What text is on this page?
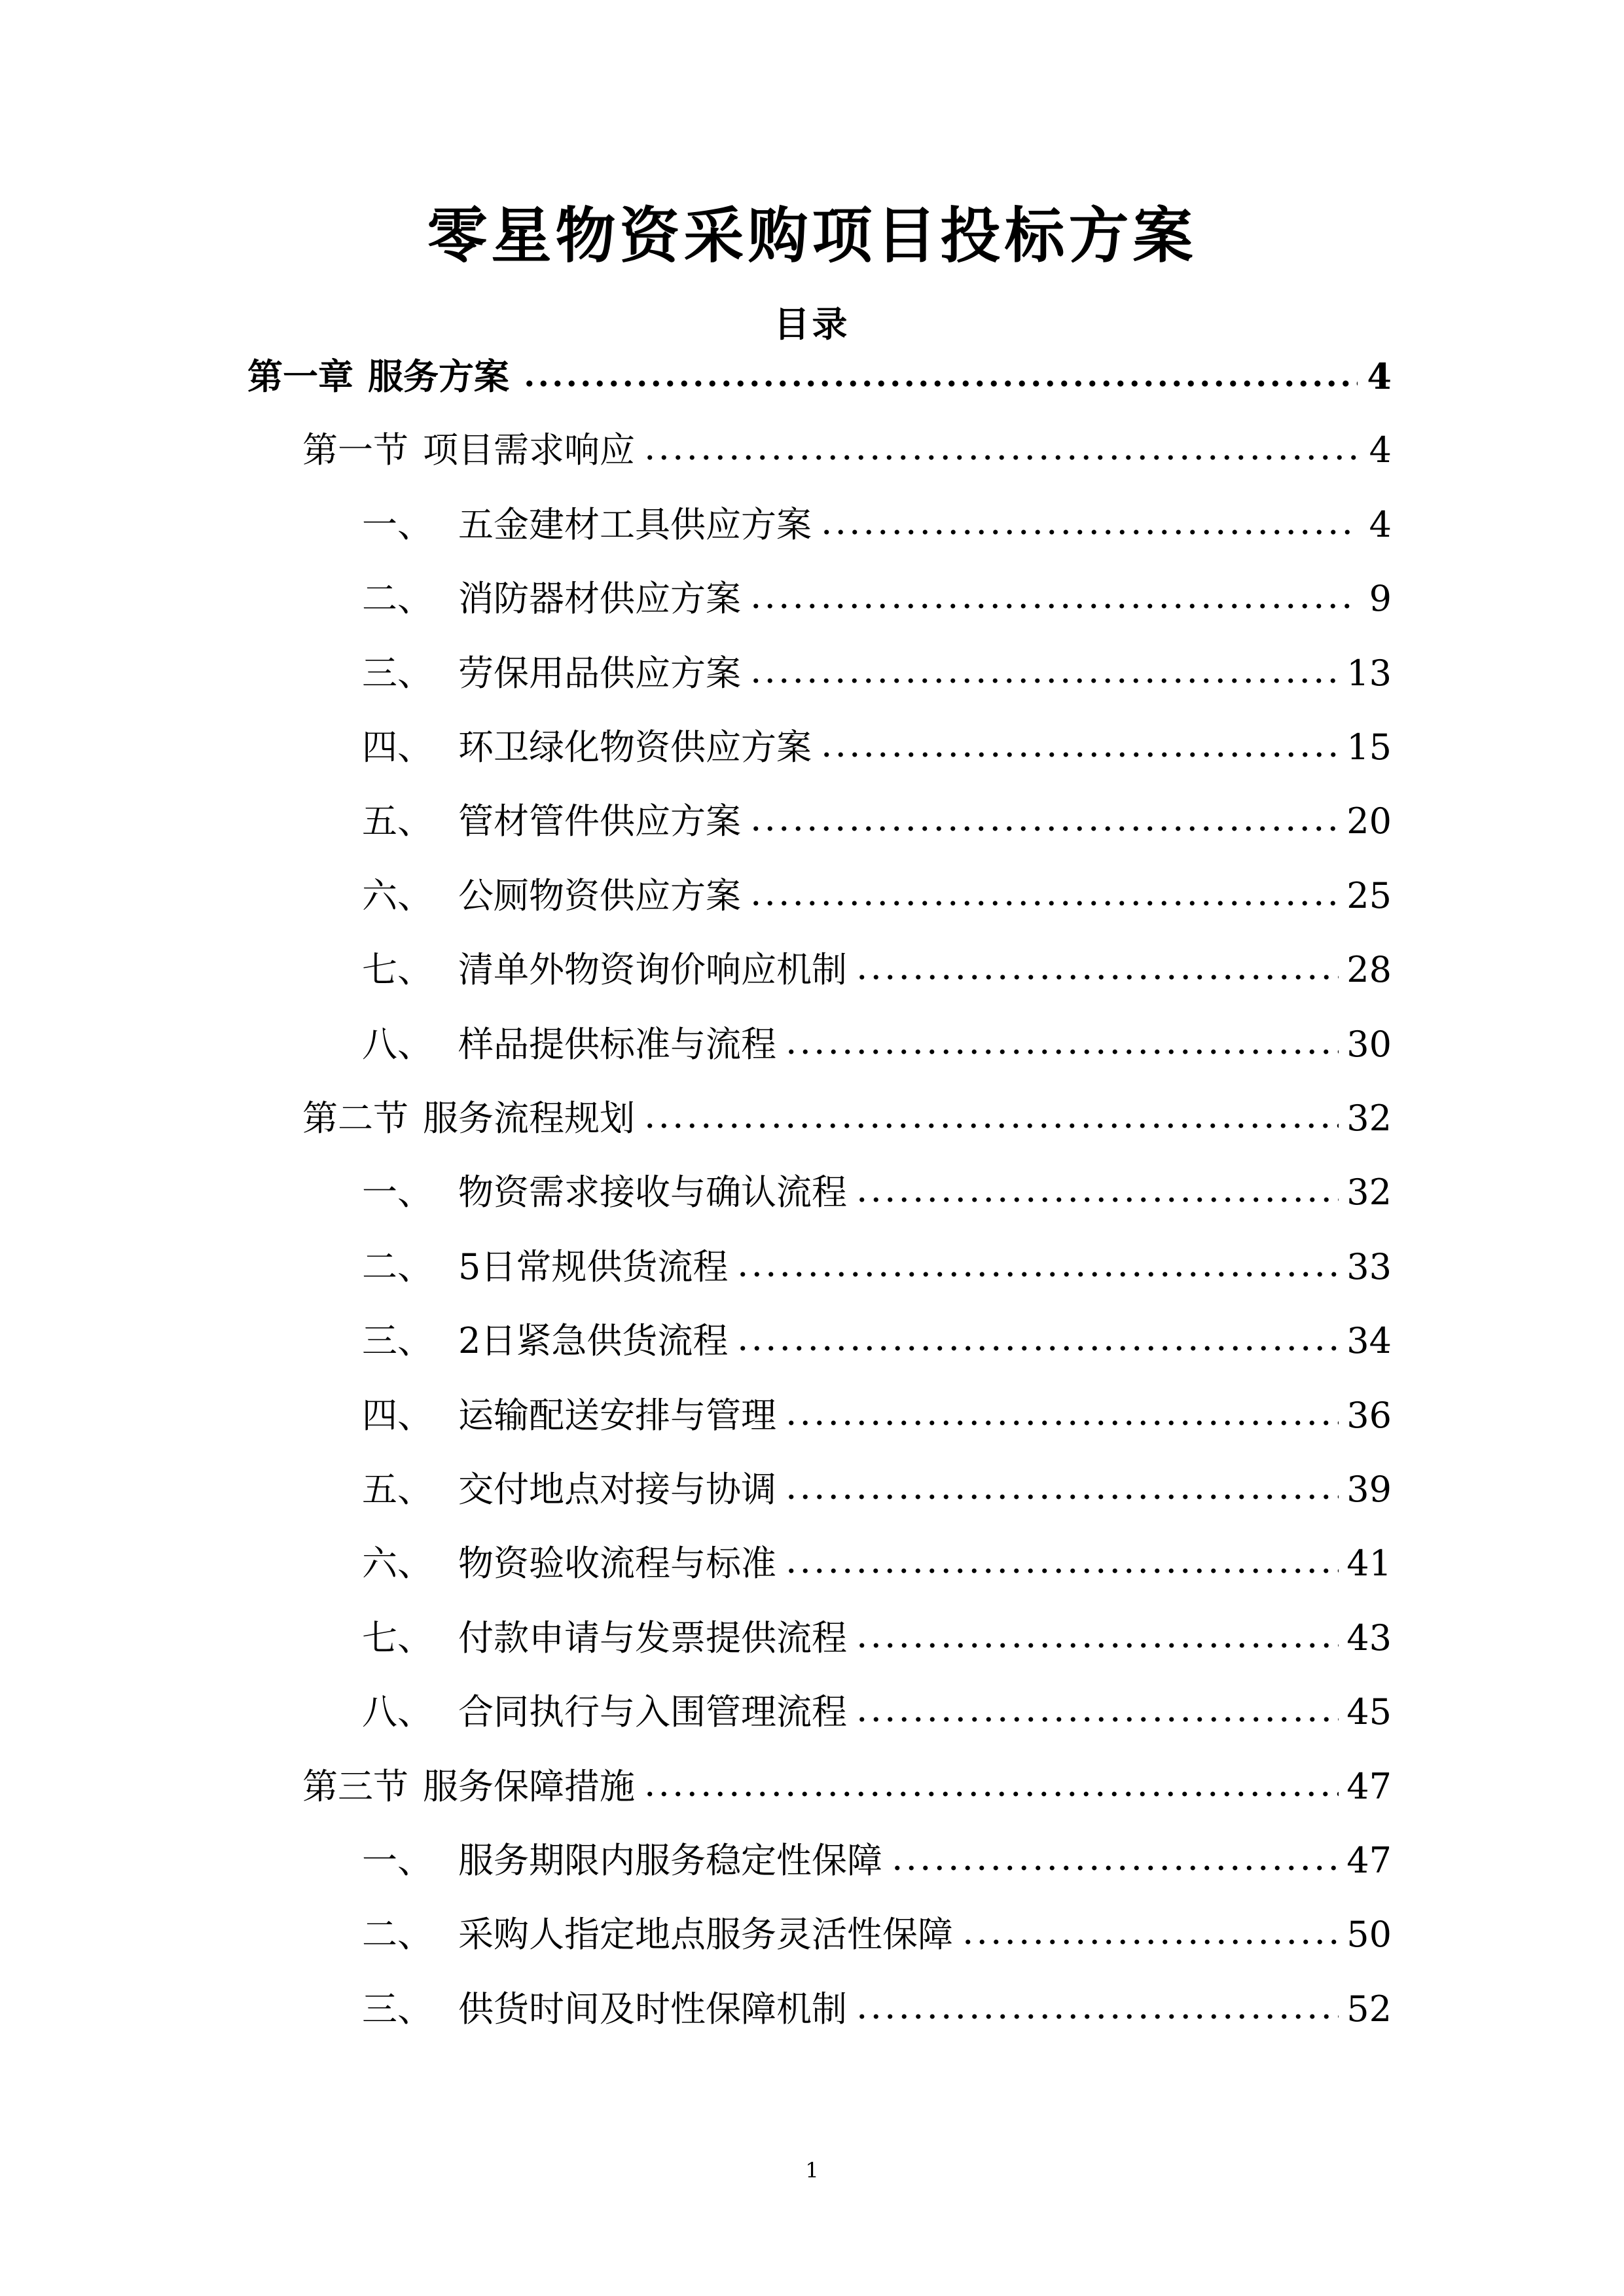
零星物资采购项目投标方案
目录
第一章 服务方案	4
第一节 项目需求响应	4
一、 五金建材工具供应方案	4
二、 消防器材供应方案	9
三、 劳保用品供应方案	13
四、 环卫绿化物资供应方案	15
五、 管材管件供应方案	20
六、 公厕物资供应方案	25
七、 清单外物资询价响应机制	28
八、 样品提供标准与流程	30
第二节 服务流程规划	32
一、 物资需求接收与确认流程	32
二、 5日常规供货流程	33
三、 2日紧急供货流程	34
四、 运输配送安排与管理	36
五、 交付地点对接与协调	39
六、 物资验收流程与标准	41
七、 付款申请与发票提供流程	43
八、 合同执行与入围管理流程	45
第三节 服务保障措施	47
一、 服务期限内服务稳定性保障	47
二、 采购人指定地点服务灵活性保障	50
三、 供货时间及时性保障机制	52
1
